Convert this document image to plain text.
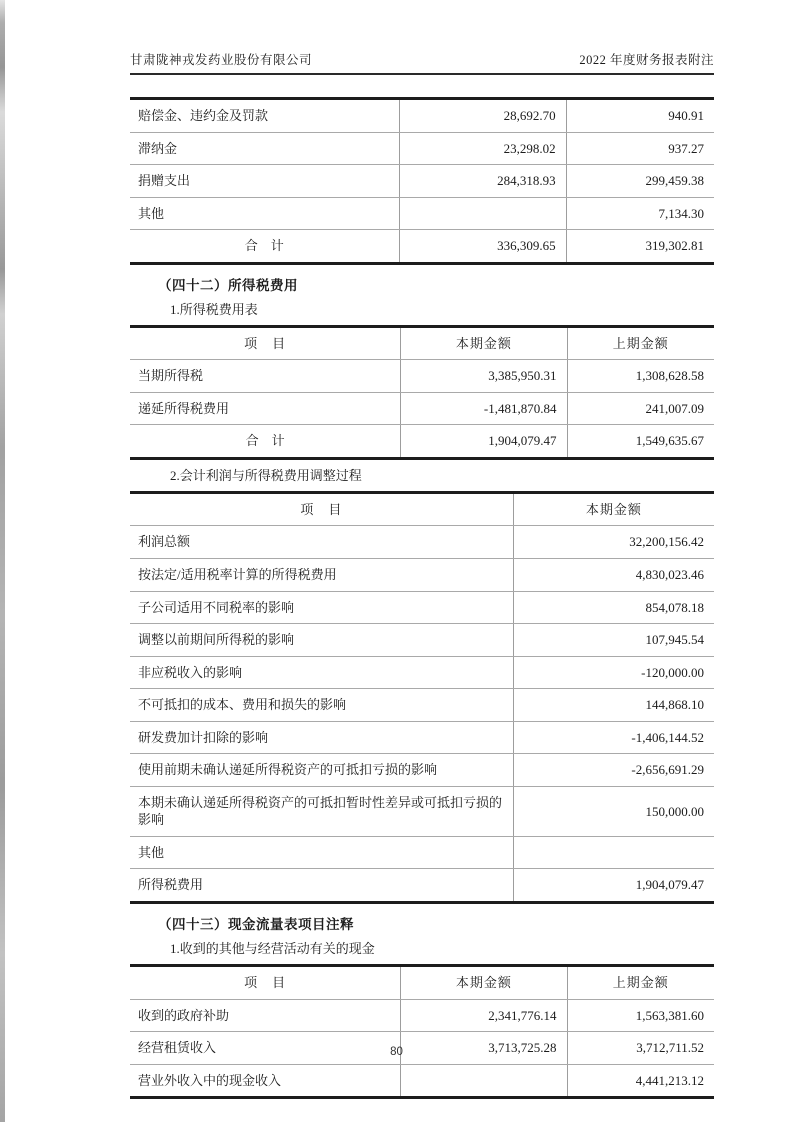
甘肃陇神戎发药业股份有限公司	2022 年度财务报表附注
赔偿金、违约金及罚款	28,692.70	940.91
滞纳金	23,298.02	937.27
捐赠支出	284,318.93	299,459.38
其他		7,134.30
合　计	336,309.65	319,302.81
（四十二）所得税费用
1.所得税费用表
项　目	本期金额	上期金额
当期所得税	3,385,950.31	1,308,628.58
递延所得税费用	-1,481,870.84	241,007.09
合　计	1,904,079.47	1,549,635.67
2.会计利润与所得税费用调整过程
项　目	本期金额
利润总额	32,200,156.42
按法定/适用税率计算的所得税费用	4,830,023.46
子公司适用不同税率的影响	854,078.18
调整以前期间所得税的影响	107,945.54
非应税收入的影响	-120,000.00
不可抵扣的成本、费用和损失的影响	144,868.10
研发费加计扣除的影响	-1,406,144.52
使用前期未确认递延所得税资产的可抵扣亏损的影响	-2,656,691.29
本期未确认递延所得税资产的可抵扣暂时性差异或可抵扣亏损的影响	150,000.00
其他	
所得税费用	1,904,079.47
（四十三）现金流量表项目注释
1.收到的其他与经营活动有关的现金
项　目	本期金额	上期金额
收到的政府补助	2,341,776.14	1,563,381.60
经营租赁收入	3,713,725.28	3,712,711.52
营业外收入中的现金收入		4,441,213.12
80
